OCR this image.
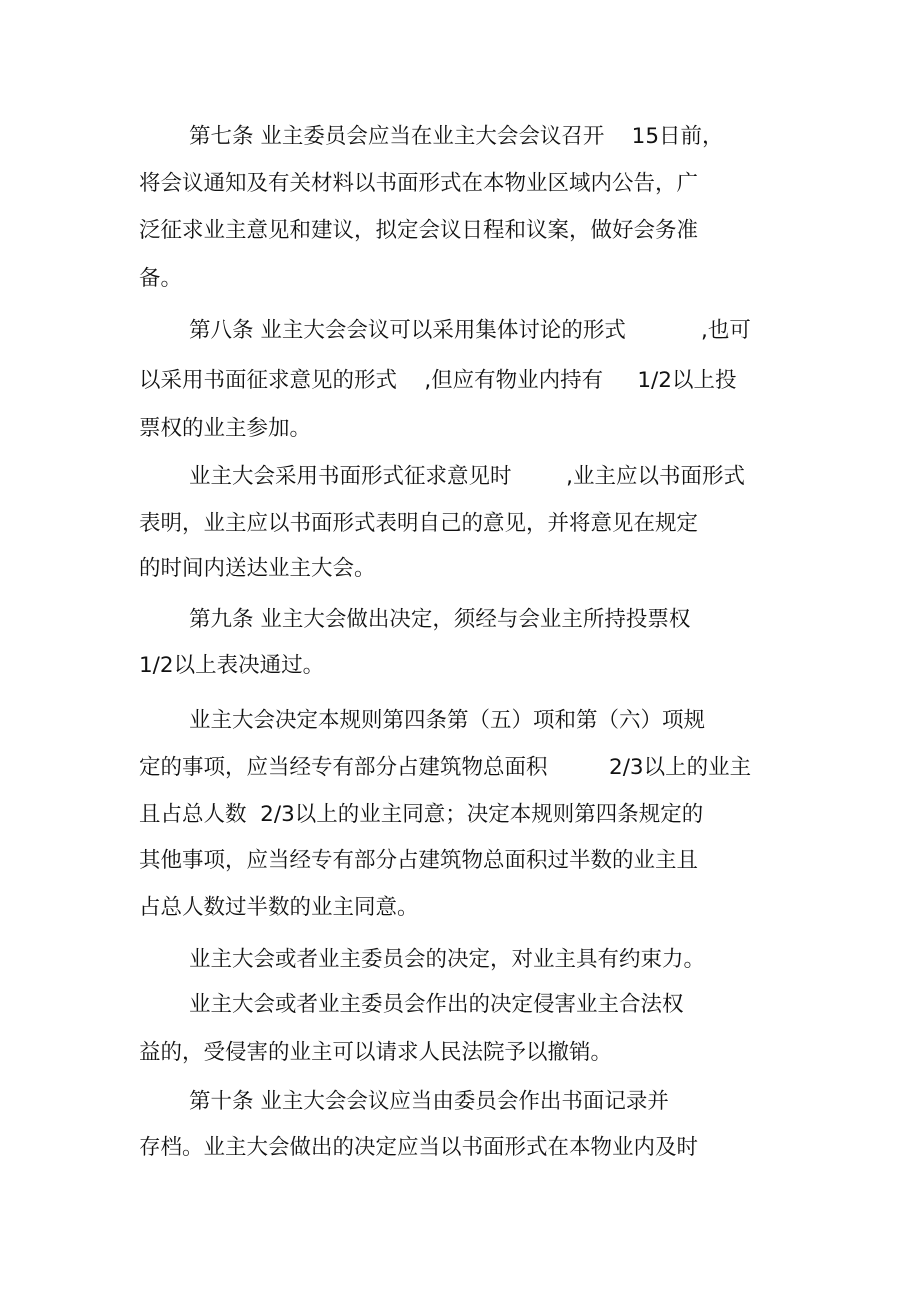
第七条 业主委员会应当在业主大会会议召开    15日前，

将会议通知及有关材料以书面形式在本物业区域内公告，广

泛征求业主意见和建议，拟定会议日程和议案，做好会务准

备。

第八条 业主大会会议可以采用集体讨论的形式           ,也可

以采用书面征求意见的形式    ,但应有物业内持有     1/2以上投

票权的业主参加。

业主大会采用书面形式征求意见时        ,业主应以书面形式

表明，业主应以书面形式表明自己的意见，并将意见在规定

的时间内送达业主大会。

第九条 业主大会做出决定，须经与会业主所持投票权

1/2以上表决通过。

业主大会决定本规则第四条第（五）项和第（六）项规

定的事项，应当经专有部分占建筑物总面积         2/3以上的业主

且占总人数  2/3以上的业主同意；决定本规则第四条规定的

其他事项，应当经专有部分占建筑物总面积过半数的业主且

占总人数过半数的业主同意。

业主大会或者业主委员会的决定，对业主具有约束力。

业主大会或者业主委员会作出的决定侵害业主合法权

益的，受侵害的业主可以请求人民法院予以撤销。

第十条 业主大会会议应当由委员会作出书面记录并

存档。业主大会做出的决定应当以书面形式在本物业内及时
